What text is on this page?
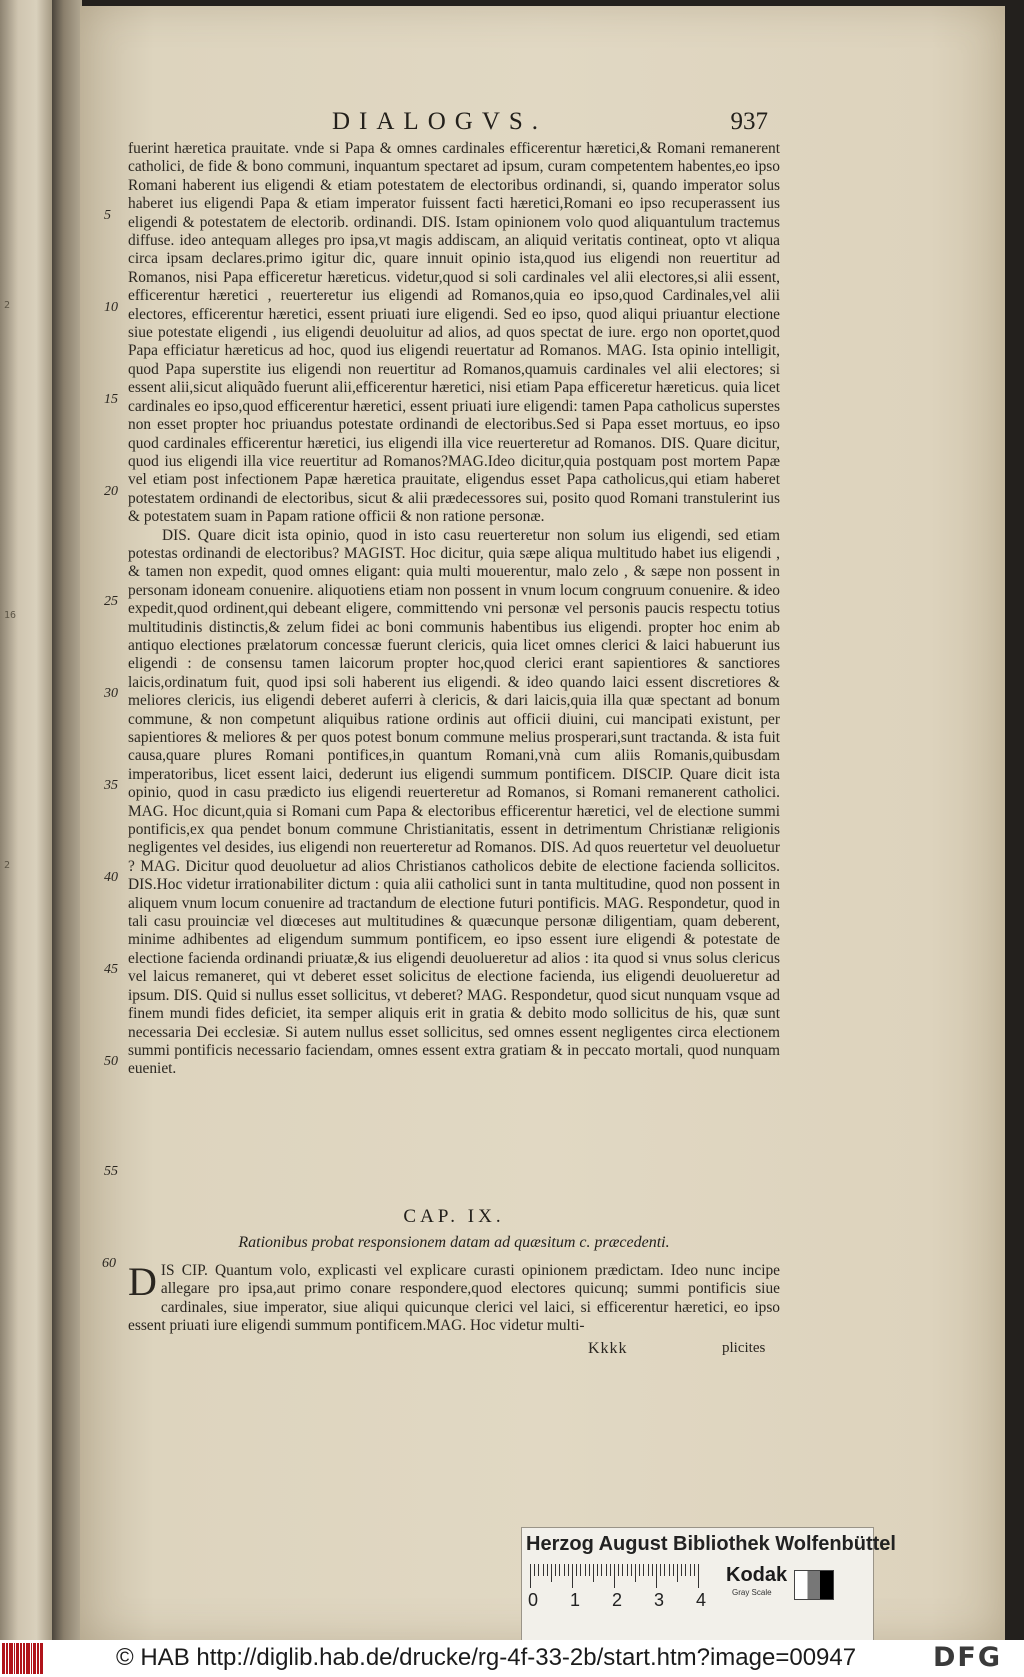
2
16
2
DIALOGVS.	937
5
10
15
20
25
30
35
40
45
50
55

fuerint hæretica prauitate. vnde si Papa & omnes cardinales efficerentur hæretici,& Romani remanerent catholici, de fide & bono communi, inquantum spectaret ad ipsum, curam competentem habentes,eo ipso Romani haberent ius eligendi & etiam potestatem de electoribus ordinandi, si, quando imperator solus haberet ius eligendi Papa & etiam imperator fuissent facti hæretici,Romani eo ipso recuperassent ius eligendi & potestatem de electorib. ordinandi. DIS. Istam opinionem volo quod aliquantulum tractemus diffuse. ideo antequam alleges pro ipsa,vt magis addiscam, an aliquid veritatis contineat, opto vt aliqua circa ipsam declares.primo igitur dic, quare innuit opinio ista,quod ius eligendi non reuertitur ad Romanos, nisi Papa efficeretur hæreticus. videtur,quod si soli cardinales vel alii electores,si alii essent, efficerentur hæretici , reuerteretur ius eligendi ad Romanos,quia eo ipso,quod Cardinales,vel alii electores, efficerentur hæretici, essent priuati iure eligendi. Sed eo ipso, quod aliqui priuantur electione siue potestate eligendi , ius eligendi deuoluitur ad alios, ad quos spectat de iure. ergo non oportet,quod Papa efficiatur hæreticus ad hoc, quod ius eligendi reuertatur ad Romanos. MAG. Ista opinio intelligit, quod Papa superstite ius eligendi non reuertitur ad Romanos,quamuis cardinales vel alii electores; si essent alii,sicut aliquãdo fuerunt alii,efficerentur hæretici, nisi etiam Papa efficeretur hæreticus. quia licet cardinales eo ipso,quod efficerentur hæretici, essent priuati iure eligendi: tamen Papa catholicus superstes non esset propter hoc priuandus potestate ordinandi de electoribus.Sed si Papa esset mortuus, eo ipso quod cardinales efficerentur hæretici, ius eligendi illa vice reuerteretur ad Romanos. DIS. Quare dicitur, quod ius eligendi illa vice reuertitur ad Romanos?MAG.Ideo dicitur,quia postquam post mortem Papæ vel etiam post infectionem Papæ hæretica prauitate, eligendus esset Papa catholicus,qui etiam haberet potestatem ordinandi de electoribus, sicut & alii prædecessores sui, posito quod Romani transtulerint ius & potestatem suam in Papam ratione officii & non ratione personæ.

DIS. Quare dicit ista opinio, quod in isto casu reuerteretur non solum ius eligendi, sed etiam potestas ordinandi de electoribus? MAGIST. Hoc dicitur, quia sæpe aliqua multitudo habet ius eligendi , & tamen non expedit, quod omnes eligant: quia multi mouerentur, malo zelo , & sæpe non possent in personam idoneam conuenire. aliquotiens etiam non possent in vnum locum congruum conuenire. & ideo expedit,quod ordinent,qui debeant eligere, committendo vni personæ vel personis paucis respectu totius multitudinis distinctis,& zelum fidei ac boni communis habentibus ius eligendi. propter hoc enim ab antiquo electiones prælatorum concessæ fuerunt clericis, quia licet omnes clerici & laici habuerunt ius eligendi : de consensu tamen laicorum propter hoc,quod clerici erant sapientiores & sanctiores laicis,ordinatum fuit, quod ipsi soli haberent ius eligendi. & ideo quando laici essent discretiores & meliores clericis, ius eligendi deberet auferri à clericis, & dari laicis,quia illa quæ spectant ad bonum commune, & non competunt aliquibus ratione ordinis aut officii diuini, cui mancipati existunt, per sapientiores & meliores & per quos potest bonum commune melius prosperari,sunt tractanda. & ista fuit causa,quare plures Romani pontifices,in quantum Romani,vnà cum aliis Romanis,quibusdam imperatoribus, licet essent laici, dederunt ius eligendi summum pontificem. DISCIP. Quare dicit ista opinio, quod in casu prædicto ius eligendi reuerteretur ad Romanos, si Romani remanerent catholici. MAG. Hoc dicunt,quia si Romani cum Papa & electoribus efficerentur hæretici, vel de electione summi pontificis,ex qua pendet bonum commune Christianitatis, essent in detrimentum Christianæ religionis negligentes vel desides, ius eligendi non reuerteretur ad Romanos. DIS. Ad quos reuertetur vel deuoluetur ? MAG. Dicitur quod deuoluetur ad alios Christianos catholicos debite de electione facienda sollicitos. DIS.Hoc videtur irrationabiliter dictum : quia alii catholici sunt in tanta multitudine, quod non possent in aliquem vnum locum conuenire ad tractandum de electione futuri pontificis. MAG. Respondetur, quod in tali casu prouinciæ vel diœceses aut multitudines & quæcunque personæ diligentiam, quam deberent, minime adhibentes ad eligendum summum pontificem, eo ipso essent iure eligendi & potestate de electione facienda ordinandi priuatæ,& ius eligendi deuolueretur ad alios : ita quod si vnus solus clericus vel laicus remaneret, qui vt deberet esset solicitus de electione facienda, ius eligendi deuolueretur ad ipsum. DIS. Quid si nullus esset sollicitus, vt deberet? MAG. Respondetur, quod sicut nunquam vsque ad finem mundi fides deficiet, ita semper aliquis erit in gratia & debito modo sollicitus de his, quæ sunt necessaria Dei ecclesiæ. Si autem nullus esset sollicitus, sed omnes essent negligentes circa electionem summi pontificis necessario faciendam, omnes essent extra gratiam & in peccato mortali, quod nunquam eueniet.

CAP. IX.
Rationibus probat responsionem datam ad quæsitum c. præcedenti.
60 DIS CIP. Quantum volo, explicasti vel explicare curasti opinionem prædictam. Ideo nunc incipe allegare pro ipsa,aut primo conare respondere,quod electores quicunq; summi pontificis siue cardinales, siue imperator, siue aliqui quicunque clerici vel laici, si efficerentur hæretici, eo ipso essent priuati iure eligendi summum pontificem.MAG. Hoc videtur multi-
Kkkk	plicites
Herzog August Bibliothek Wolfenbüttel
0 1 2 3 4
Kodak
Gray Scale
© HAB http://diglib.hab.de/drucke/rg-4f-33-2b/start.htm?image=00947	DFG
